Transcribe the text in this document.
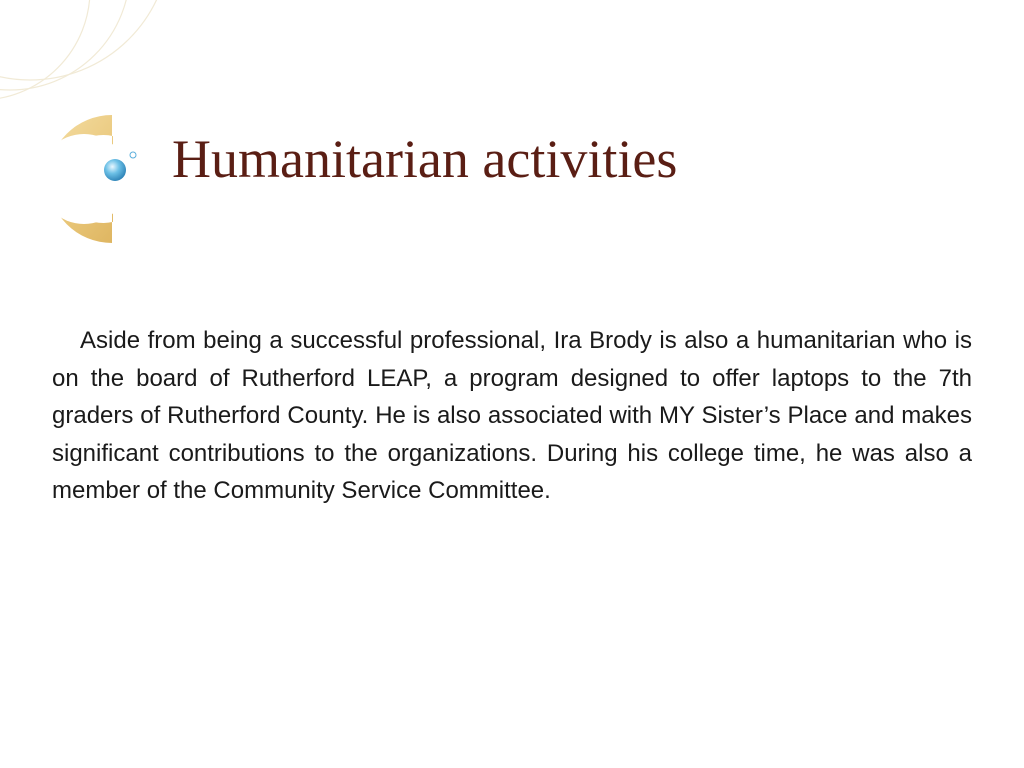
Humanitarian activities

Aside from being a successful professional, Ira Brody is also a humanitarian who is on the board of Rutherford LEAP, a program designed to offer laptops to the 7th graders of Rutherford County. He is also associated with MY Sister’s Place and makes significant contributions to the organizations. During his college time, he was also a member of the Community Service Committee.
